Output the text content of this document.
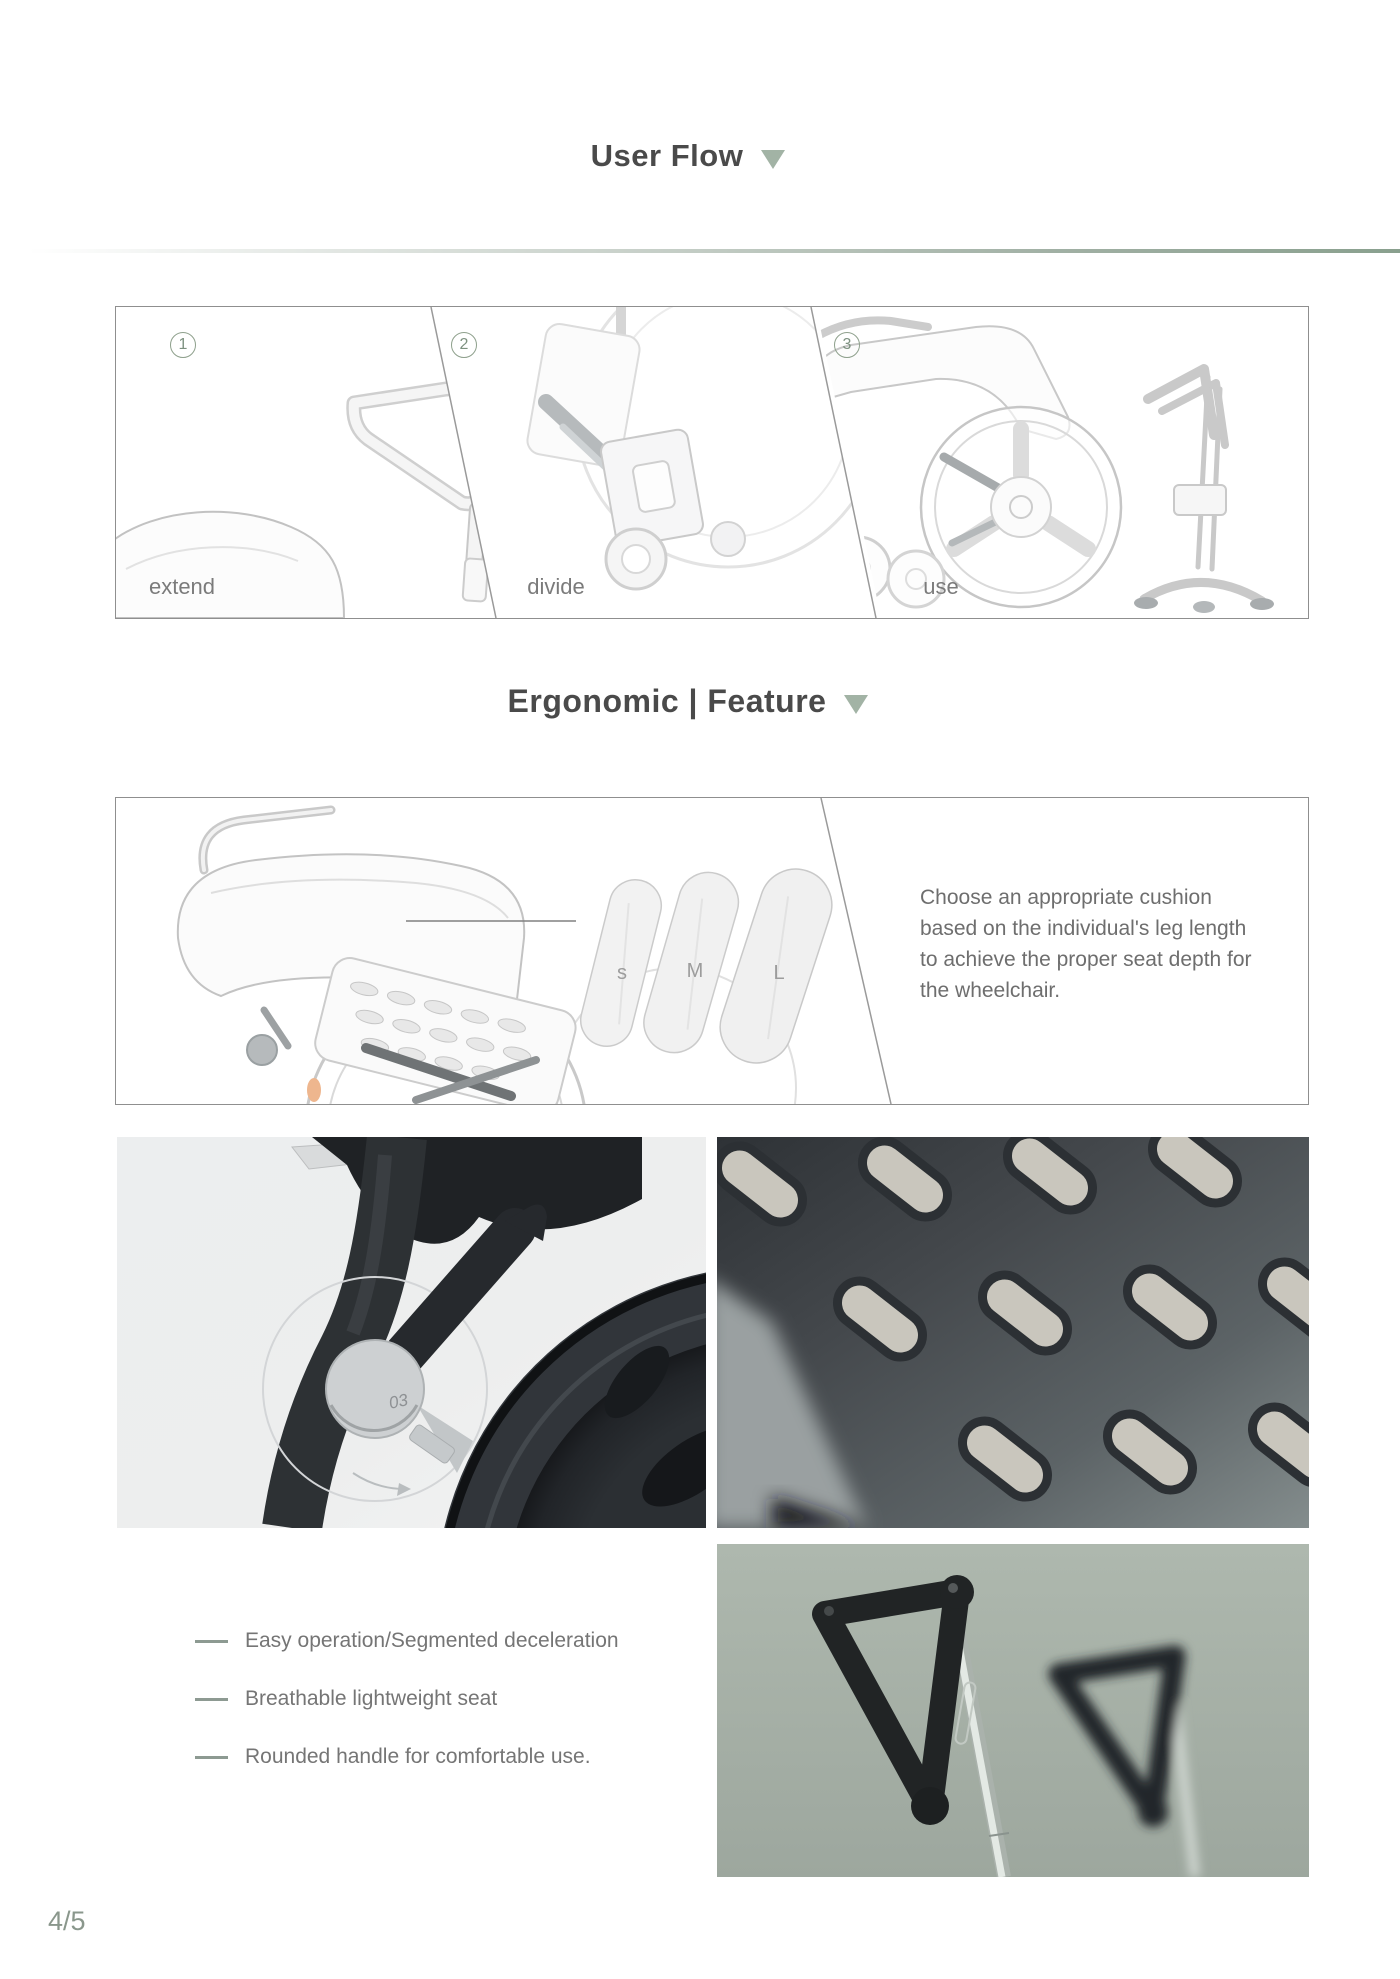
User Flow
1	2	3
extend	divide	use
Ergonomic | Feature
s	M	L
Choose an appropriate cushion based on the individual's leg length to achieve the proper seat depth for the wheelchair.
03
Easy operation/Segmented deceleration
Breathable lightweight seat
Rounded handle for comfortable use.
4/5
